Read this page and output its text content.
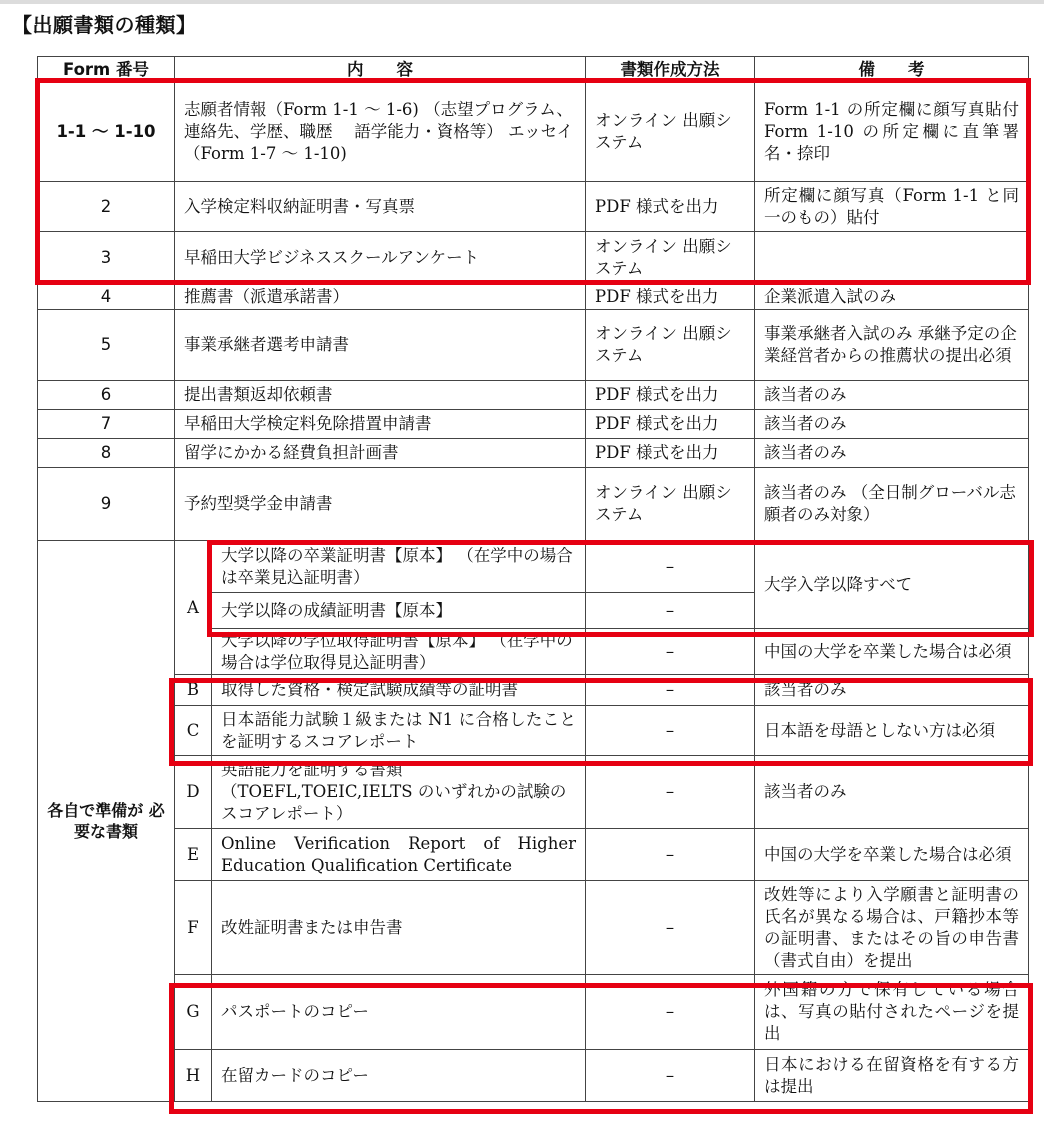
【出願書類の種類】
Form 番号	内　　容		書類作成方法	備　　考
1-1 〜 1-10	志願者情報（Form 1-1 〜 1-6) （志望プログラム、連絡先、学歴、職歴 　語学能力・資格等） エッセイ（Form 1-7 〜 1-10)		オンライン 出願システム	Form 1-1 の所定欄に顔写真貼付 Form 1-10 の所定欄に直筆署名・捺印
2	入学検定料収納証明書・写真票		PDF 様式を出力	所定欄に顔写真（Form 1-1 と同一のもの）貼付
3	早稲田大学ビジネススクールアンケート		オンライン 出願システム	
4	推薦書（派遣承諾書）		PDF 様式を出力	企業派遣入試のみ
5	事業承継者選考申請書		オンライン 出願システム	事業承継者入試のみ 承継予定の企業経営者からの推薦状の提出必須
6	提出書類返却依頼書		PDF 様式を出力	該当者のみ
7	早稲田大学検定料免除措置申請書		PDF 様式を出力	該当者のみ
8	留学にかかる経費負担計画書		PDF 様式を出力	該当者のみ
9	予約型奨学金申請書		オンライン 出願システム	該当者のみ （全日制グローバル志願者のみ対象）
各自で準備が 必要な書類	A	大学以降の卒業証明書【原本】 （在学中の場合は卒業見込証明書）	–	大学入学以降すべて
		大学以降の成績証明書【原本】	–	
		大学以降の学位取得証明書【原本】 （在学中の場合は学位取得見込証明書）	–	中国の大学を卒業した場合は必須
	B	取得した資格・検定試験成績等の証明書	–	該当者のみ
	C	日本語能力試験１級または N1 に合格したことを証明するスコアレポート	–	日本語を母語としない方は必須
	D	英語能力を証明する書類 （TOEFL,TOEIC,IELTS のいずれかの試験のスコアレポート）	–	該当者のみ
	E	Online Verification Report of Higher Education Qualification Certificate	–	中国の大学を卒業した場合は必須
	F	改姓証明書または申告書	–	改姓等により入学願書と証明書の氏名が異なる場合は、戸籍抄本等の証明書、またはその旨の申告書（書式自由）を提出
	G	パスポートのコピー	–	外国籍の方で保有している場合は、写真の貼付されたページを提出
	H	在留カードのコピー	–	日本における在留資格を有する方は提出
